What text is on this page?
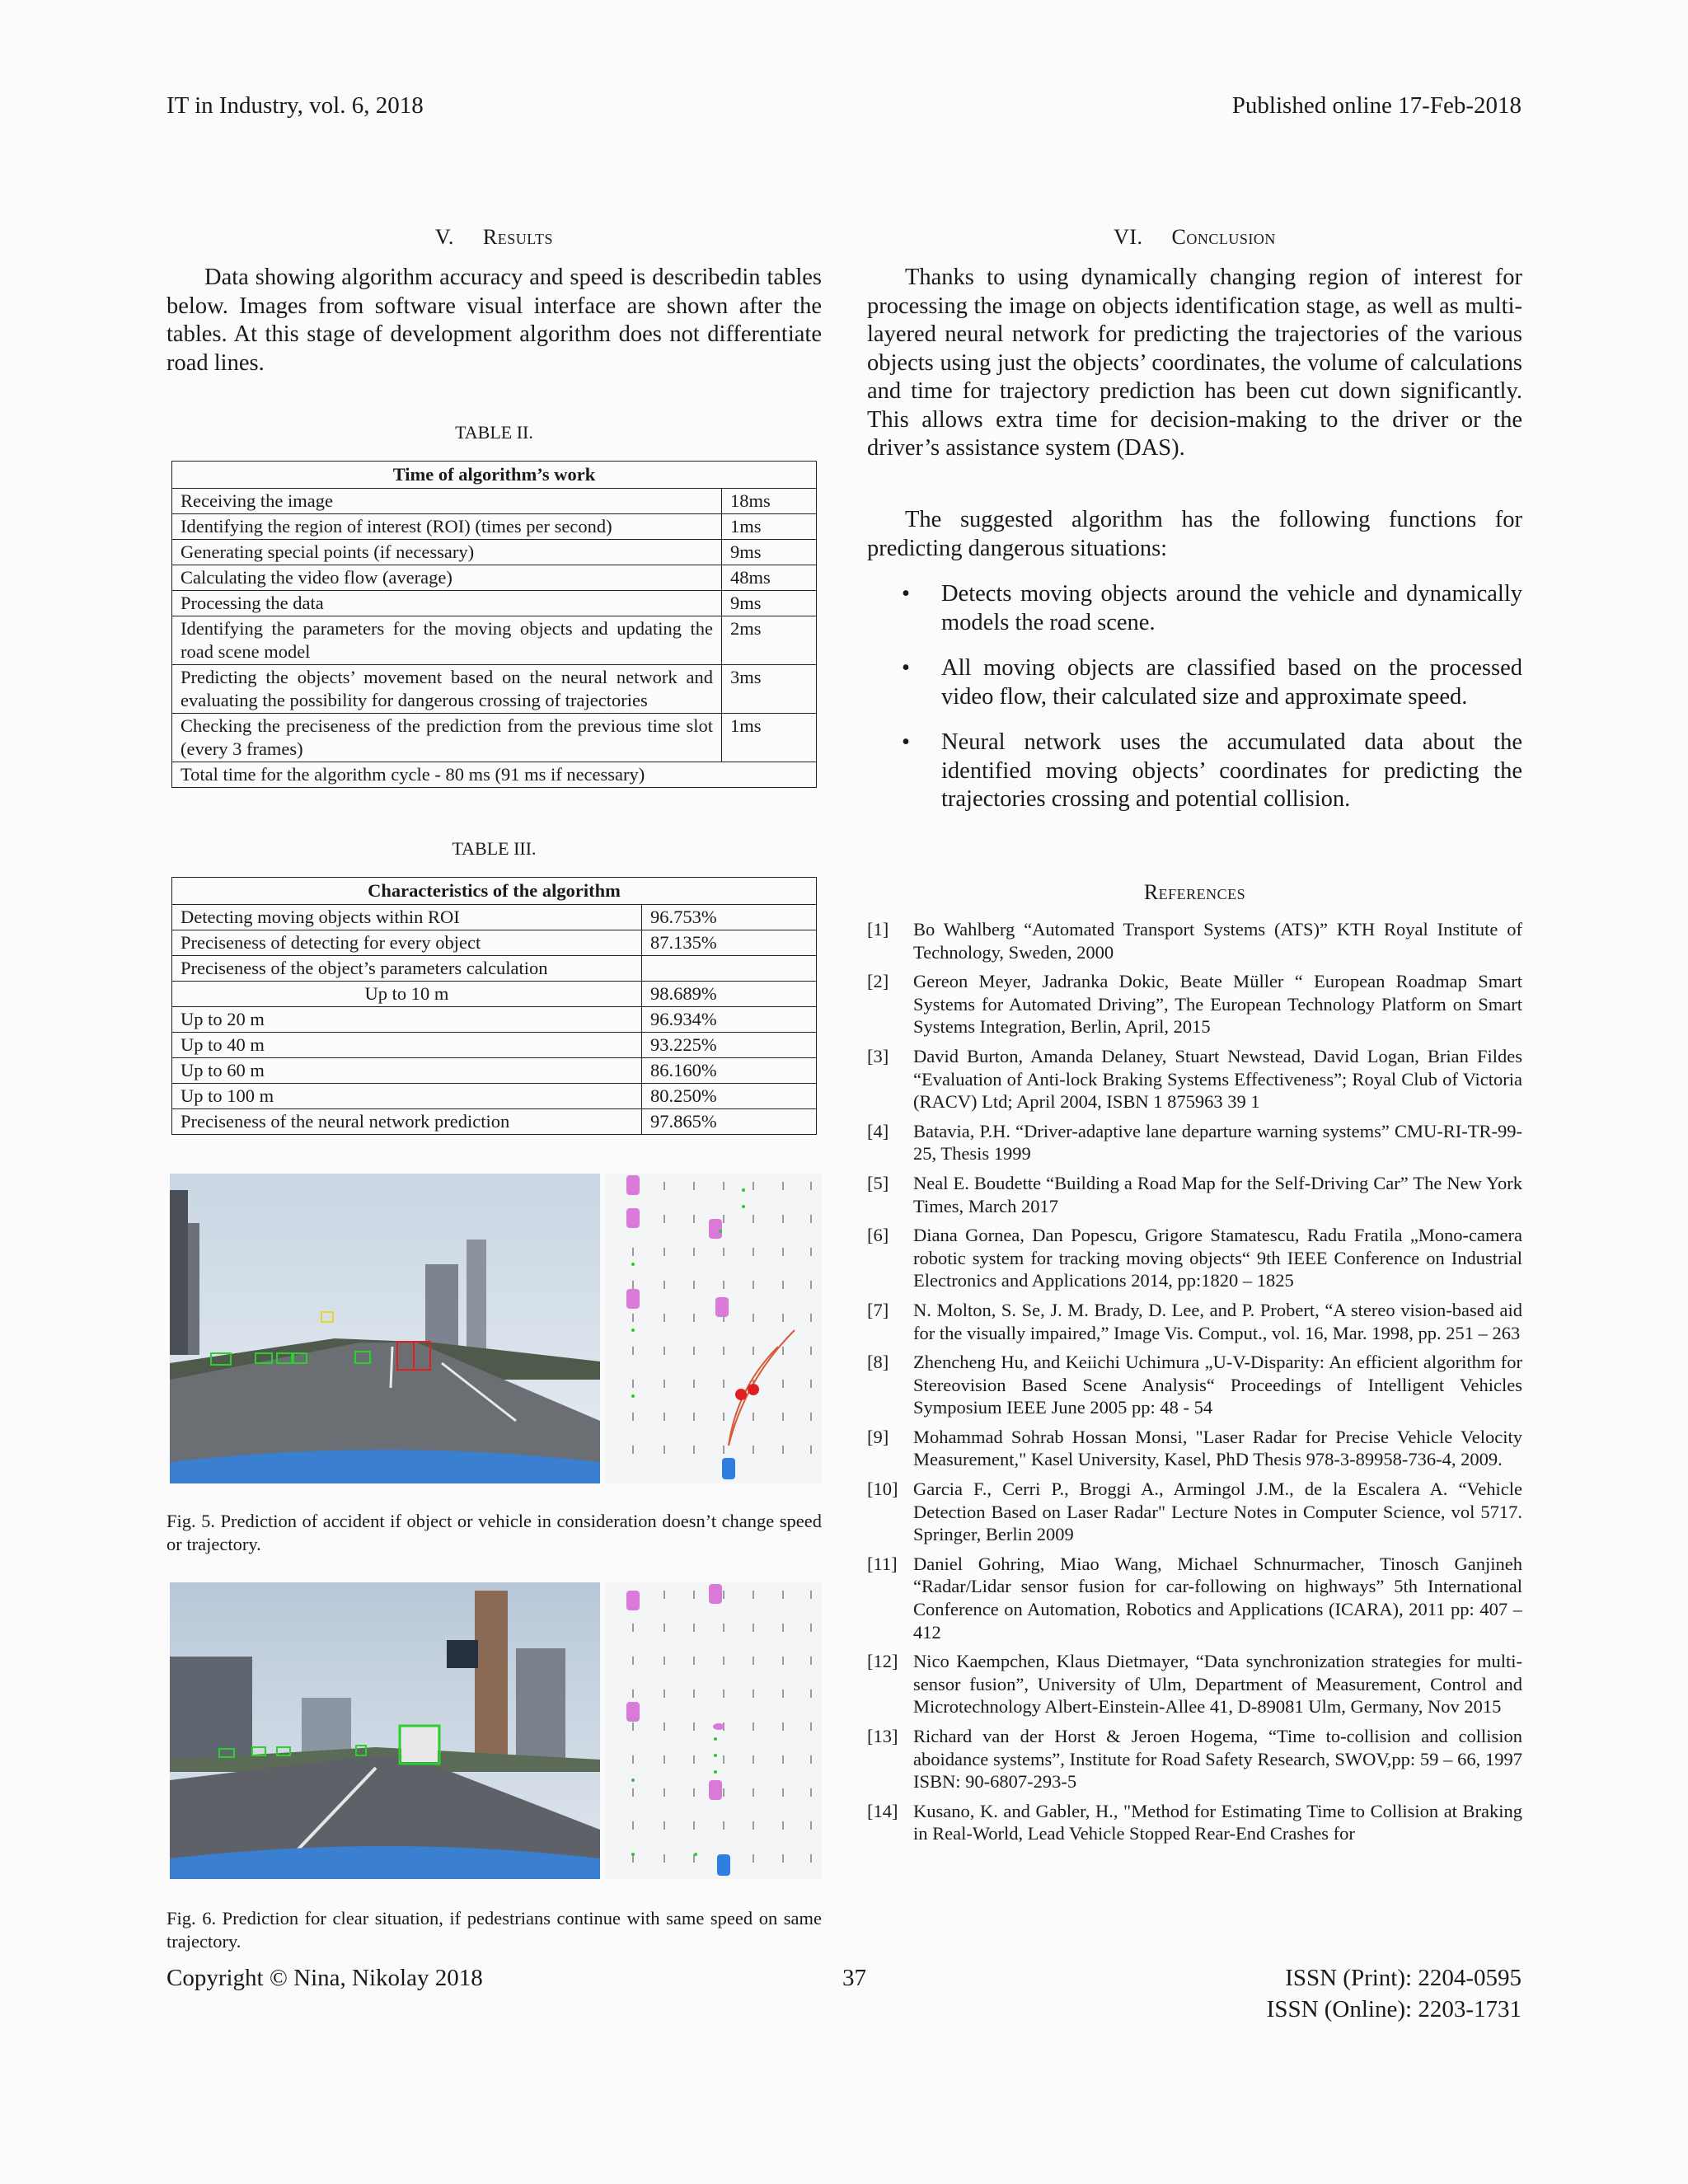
IT in Industry, vol. 6, 2018	Published online 17-Feb-2018
V. Results

Data showing algorithm accuracy and speed is describedin tables below. Images from software visual interface are shown after the tables. At this stage of development algorithm does not differentiate road lines.

TABLE II.
Time of algorithm’s work	
Receiving the image	18ms
Identifying the region of interest (ROI) (times per second)	1ms
Generating special points (if necessary)	9ms
Calculating the video flow (average)	48ms
Processing the data	9ms
Identifying the parameters for the moving objects and updating the road scene model	2ms
Predicting the objects’ movement based on the neural network and evaluating the possibility for dangerous crossing of trajectories	3ms
Checking the preciseness of the prediction from the previous time slot (every 3 frames)	1ms
Total time for the algorithm cycle - 80 ms (91 ms if necessary)	
TABLE III.
Characteristics of the algorithm	
Detecting moving objects within ROI	96.753%
Preciseness of detecting for every object	87.135%
Preciseness of the object’s parameters calculation	
Up to 10 m	98.689%
Up to 20 m	96.934%
Up to 40 m	93.225%
Up to 60 m	86.160%
Up to 100 m	80.250%
Preciseness of the neural network prediction	97.865%
Fig. 5. Prediction of accident if object or vehicle in consideration doesn’t change speed or trajectory.
Fig. 6. Prediction for clear situation, if pedestrians continue with same speed on same trajectory.
VI. Conclusion

Thanks to using dynamically changing region of interest for processing the image on objects identification stage, as well as multi-layered neural network for predicting the trajectories of the various objects using just the objects’ coordinates, the volume of calculations and time for trajectory prediction has been cut down significantly. This allows extra time for decision-making to the driver or the driver’s assistance system (DAS).

The suggested algorithm has the following functions for predicting dangerous situations:

• Detects moving objects around the vehicle and dynamically models the road scene.
• All moving objects are classified based on the processed video flow, their calculated size and approximate speed.
• Neural network uses the accumulated data about the identified moving objects’ coordinates for predicting the trajectories crossing and potential collision.
References
[1] Bo Wahlberg “Automated Transport Systems (ATS)” KTH Royal Institute of Technology, Sweden, 2000
[2] Gereon Meyer, Jadranka Dokic, Beate Müller “ European Roadmap Smart Systems for Automated Driving”, The European Technology Platform on Smart Systems Integration, Berlin, April, 2015
[3] David Burton, Amanda Delaney, Stuart Newstead, David Logan, Brian Fildes “Evaluation of Anti-lock Braking Systems Effectiveness”; Royal Club of Victoria (RACV) Ltd; April 2004, ISBN 1 875963 39 1
[4] Batavia, P.H. “Driver-adaptive lane departure warning systems” CMU-RI-TR-99-25, Thesis 1999
[5] Neal E. Boudette “Building a Road Map for the Self-Driving Car” The New York Times, March 2017
[6] Diana Gornea, Dan Popescu, Grigore Stamatescu, Radu Fratila „Mono-camera robotic system for tracking moving objects“ 9th IEEE Conference on Industrial Electronics and Applications 2014, pp:1820 – 1825
[7] N. Molton, S. Se, J. M. Brady, D. Lee, and P. Probert, “A stereo vision-based aid for the visually impaired,” Image Vis. Comput., vol. 16, Mar. 1998, pp. 251 – 263
[8] Zhencheng Hu, and Keiichi Uchimura „U-V-Disparity: An efficient algorithm for Stereovision Based Scene Analysis“ Proceedings of Intelligent Vehicles Symposium IEEE June 2005 pp: 48 - 54
[9] Mohammad Sohrab Hossan Monsi, "Laser Radar for Precise Vehicle Velocity Measurement," Kasel University, Kasel, PhD Thesis 978-3-89958-736-4, 2009.
[10] Garcia F., Cerri P., Broggi A., Armingol J.M., de la Escalera A. “Vehicle Detection Based on Laser Radar" Lecture Notes in Computer Science, vol 5717. Springer, Berlin 2009
[11] Daniel Gohring, Miao Wang, Michael Schnurmacher, Tinosch Ganjineh “Radar/Lidar sensor fusion for car-following on highways” 5th International Conference on Automation, Robotics and Applications (ICARA), 2011 pp: 407 – 412
[12] Nico Kaempchen, Klaus Dietmayer, “Data synchronization strategies for multi-sensor fusion”, University of Ulm, Department of Measurement, Control and Microtechnology Albert-Einstein-Allee 41, D-89081 Ulm, Germany, Nov 2015
[13] Richard van der Horst & Jeroen Hogema, “Time to-collision and collision aboidance systems”, Institute for Road Safety Research, SWOV,pp: 59 – 66, 1997 ISBN: 90-6807-293-5
[14] Kusano, K. and Gabler, H., "Method for Estimating Time to Collision at Braking in Real-World, Lead Vehicle Stopped Rear-End Crashes for
Copyright © Nina, Nikolay 2018	37	ISSN (Print): 2204-0595
ISSN (Online): 2203-1731
